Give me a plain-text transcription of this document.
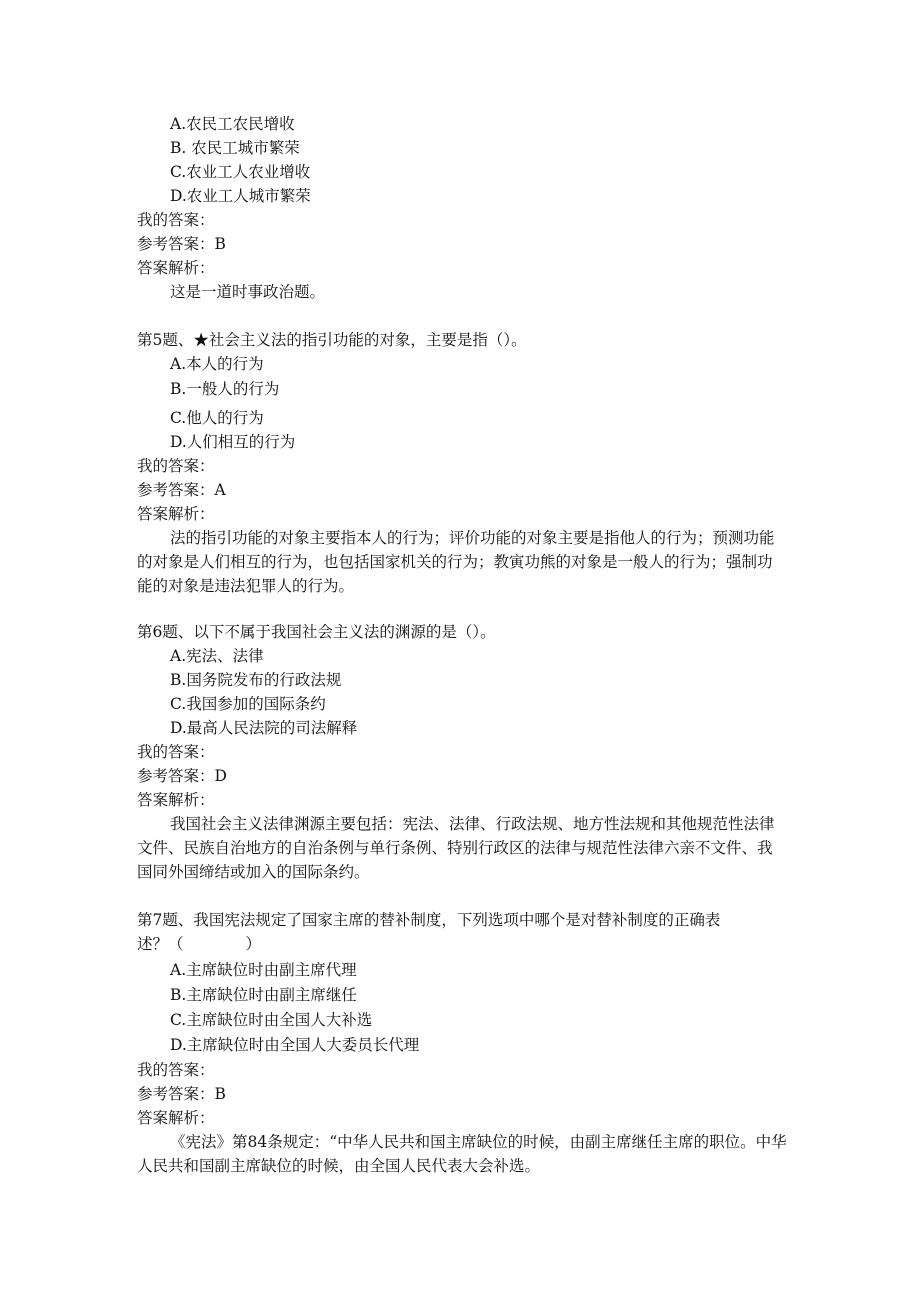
A.农民工农民增收
B. 农民工城市繁荣
C.农业工人农业增收
D.农业工人城市繁荣
我的答案：
参考答案：B
答案解析：
这是一道时事政治题。
第5题、★社会主义法的指引功能的对象，主要是指（）。
A.本人的行为
B.一般人的行为
C.他人的行为
D.人们相互的行为
我的答案：
参考答案：A
答案解析：
法的指引功能的对象主要指本人的行为；评价功能的对象主要是指他人的行为；预测功能的对象是人们相互的行为，也包括国家机关的行为；教寅功熊的对象是一般人的行为；强制功能的对象是违法犯罪人的行为。
第6题、以下不属于我国社会主义法的渊源的是（）。
A.宪法、法律
B.国务院发布的行政法规
C.我国参加的国际条约
D.最高人民法院的司法解释
我的答案：
参考答案：D
答案解析：
我国社会主义法律渊源主要包括：宪法、法律、行政法规、地方性法规和其他规范性法律文件、民族自治地方的自治条例与单行条例、特别行政区的法律与规范性法律六亲不文件、我国同外国缔结或加入的国际条约。
第7题、我国宪法规定了国家主席的替补制度，下列选项中哪个是对替补制度的正确表
述？（　　　　）
A.主席缺位时由副主席代理
B.主席缺位时由副主席继任
C.主席缺位时由全国人大补选
D.主席缺位时由全国人大委员长代理
我的答案：
参考答案：B
答案解析：
《宪法》第84条规定：“中华人民共和国主席缺位的时候，由副主席继任主席的职位。中华人民共和国副主席缺位的时候，由全国人民代表大会补选。
